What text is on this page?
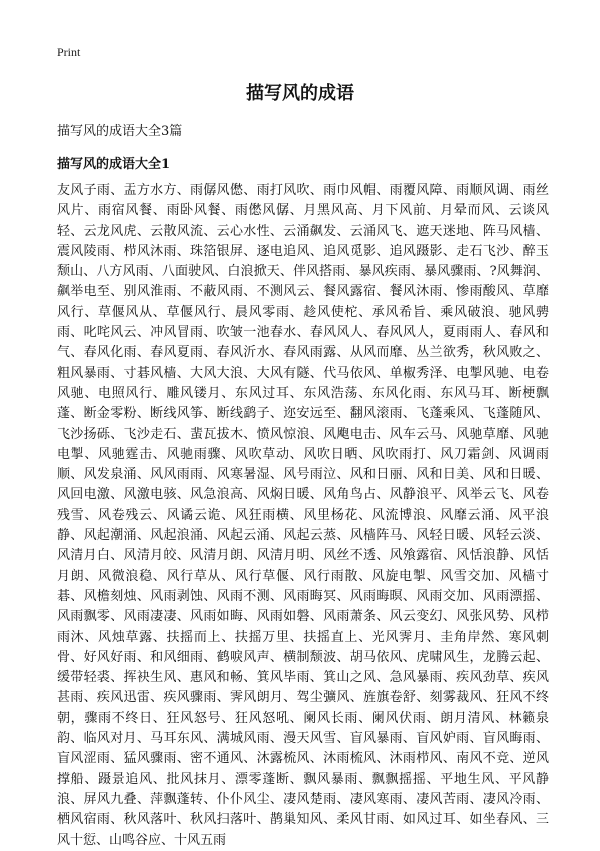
Print
描写风的成语

描写风的成语大全3篇

描写风的成语大全1

友风子雨、盂方水方、雨僝风僽、雨打风吹、雨巾风帽、雨覆风障、雨顺风调、雨丝风片、雨宿风餐、雨卧风餐、雨僽风僝、月黑风高、月下风前、月晕而风、云谈风轻、云龙风虎、云散风流、云心水性、云涌飙发、云涌风飞、遮天迷地、阵马风樯、震风陵雨、栉风沐雨、珠箔银屏、逐电追风、追风觅影、追风蹑影、走石飞沙、醉玉颓山、八方风雨、八面驶风、白浪掀天、伴风搭雨、暴风疾雨、暴风骤雨、?风舞润、飙举电至、别风淮雨、不蔽风雨、不测风云、餐风露宿、餐风沐雨、惨雨酸风、草靡风行、草偃风从、草偃风行、晨风零雨、趁风使柁、承风希旨、乘风破浪、驰风骋雨、叱咤风云、冲风冒雨、吹皱一池春水、春风风人、春风风人，夏雨雨人、春风和气、春风化雨、春风夏雨、春风沂水、春风雨露、从风而靡、丛兰欲秀，秋风败之、粗风暴雨、寸碁风樯、大风大浪、大风有隧、代马依风、单椒秀泽、电掣风驰、电卷风驰、电照风行、雕风镂月、东风过耳、东风浩荡、东风化雨、东风马耳、断梗飘蓬、断金零粉、断线风筝、断线鹞子、迩安远至、翻风滚雨、飞蓬乘风、飞蓬随风、飞沙扬砾、飞沙走石、蜚瓦拔木、愤风惊浪、风飑电击、风车云马、风驰草靡、风驰电掣、风驰霆击、风驰雨骤、风吹草动、风吹日晒、风吹雨打、风刀霜剑、风调雨顺、风发泉涌、风风雨雨、风寒暑湿、风号雨泣、风和日丽、风和日美、风和日暖、风回电激、风激电骇、风急浪高、风焖日暖、风角鸟占、风静浪平、风举云飞、风卷残雪、风卷残云、风谲云诡、风狂雨横、风里杨花、风流博浪、风靡云涌、风平浪静、风起潮涌、风起浪涌、风起云涌、风起云蒸、风樯阵马、风轻日暖、风轻云淡、风清月白、风清月皎、风清月朗、风清月明、风丝不透、风飧露宿、风恬浪静、风恬月朗、风微浪稳、风行草从、风行草偃、风行雨散、风旋电掣、风雪交加、风樯寸碁、风檐刻烛、风雨剥蚀、风雨不测、风雨晦冥、风雨晦暝、风雨交加、风雨漂摇、风雨飘零、风雨凄凄、风雨如晦、风雨如磐、风雨萧条、风云变幻、风张风势、风栉雨沐、风烛草露、扶摇而上、扶摇万里、扶摇直上、光风霁月、圭角岸然、寒风刺骨、好风好雨、和风细雨、鹤唳风声、横制颓波、胡马依风、虎啸风生，龙腾云起、缓带轻裘、挥袂生风、惠风和畅、箕风毕雨、箕山之风、急风暴雨、疾风劲草、疾风甚雨、疾风迅雷、疾风骤雨、霁风朗月、驾尘彍风、旌旗卷舒、刻雾裁风、狂风不终朝，骤雨不终日、狂风怒号、狂风怒吼、阑风长雨、阑风伏雨、朗月清风、林籁泉韵、临风对月、马耳东风、满城风雨、漫天风雪、盲风暴雨、盲风妒雨、盲风晦雨、盲风涩雨、猛风骤雨、密不通风、沐露梳风、沐雨梳风、沐雨栉风、南风不竞、逆风撑船、蹑景追风、批风抹月、漂零蓬断、飘风暴雨、飘飘摇摇、平地生风、平风静浪、屏风九叠、萍飘蓬转、仆仆风尘、凄风楚雨、凄风寒雨、凄风苦雨、凄风冷雨、栖风宿雨、秋风落叶、秋风扫落叶、鹊巢知风、柔风甘雨、如风过耳、如坐春风、三风十愆、山鸣谷应、十风五雨
